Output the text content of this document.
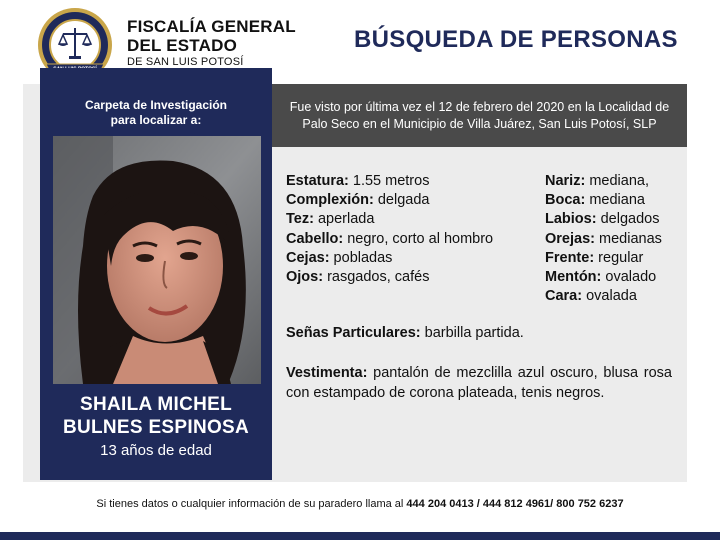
FISCALÍA GENERAL
DEL ESTADO
DE SAN LUIS POTOSÍ
BÚSQUEDA DE PERSONAS
Fue visto por última vez el 12 de febrero del 2020 en la Localidad de
Palo Seco en el Municipio de Villa Juárez, San Luis Potosí, SLP
Carpeta de Investigación
para localizar a:
SHAILA MICHEL
BULNES ESPINOSA
13 años de edad
Estatura: 1.55 metros
Complexión: delgada
Tez: aperlada
Cabello: negro, corto al hombro
Cejas: pobladas
Ojos: rasgados, cafés
Nariz: mediana,
Boca: mediana
Labios: delgados
Orejas: medianas
Frente: regular
Mentón: ovalado
Cara: ovalada
Señas Particulares: barbilla partida.
Vestimenta: pantalón de mezclilla azul oscuro, blusa rosa con estampado de corona plateada, tenis negros.
Si tienes datos o cualquier información de su paradero llama al 444 204 0413 / 444 812 4961/ 800 752 6237
